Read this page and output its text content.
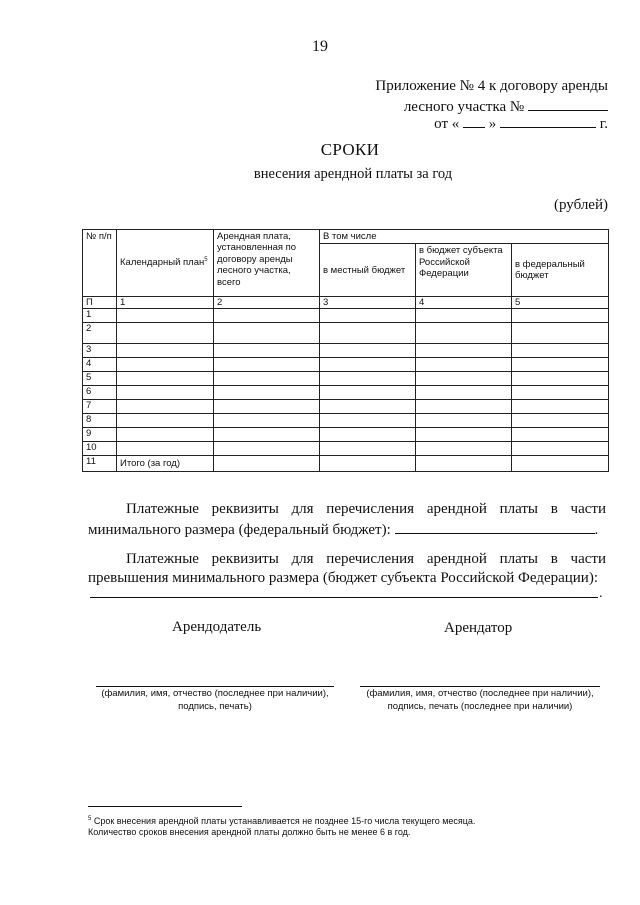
19
Приложение № 4 к договору аренды
лесного участка №
от « »	г.
СРОКИ
внесения арендной платы за год
(рублей)
№ п/п	Календарный план$^5$	Арендная плата, установленная по договору аренды лесного участка, всего	В том числе		
			в местный бюджет	в бюджет субъекта Российской Федерации	в федеральный бюджет
П	1	2	3	4	5
1					
2					
3					
4					
5					
6					
7					
8					
9					
10					
11	Итого (за год)				
Платежные реквизиты для перечисления арендной платы в части минимального размера (федеральный бюджет):	.
Платежные реквизиты для перечисления арендной платы в части превышения минимального размера (бюджет субъекта Российской Федерации):
.
Арендодатель	Арендатор
(фамилия, имя, отчество (последнее при наличии),
подпись, печать)
(фамилия, имя, отчество (последнее при наличии),
подпись, печать (последнее при наличии)
$^5$ Срок внесения арендной платы устанавливается не позднее 15-го числа текущего месяца.
Количество сроков внесения арендной платы должно быть не менее 6 в год.
